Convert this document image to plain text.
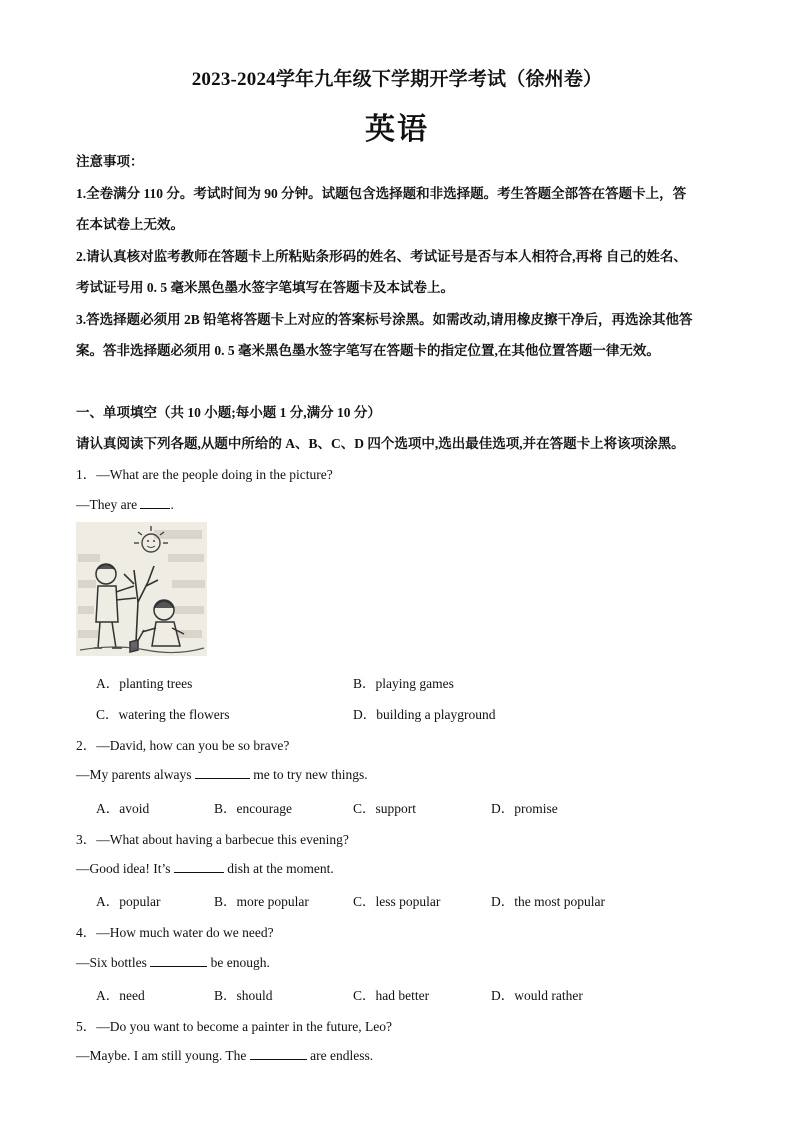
2023-2024学年九年级下学期开学考试（徐州卷）
英语
注意事项：
1.全卷满分 110 分。考试时间为 90 分钟。试题包含选择题和非选择题。考生答题全部答在答题卡上，答
在本试卷上无效。
2.请认真核对监考教师在答题卡上所粘贴条形码的姓名、考试证号是否与本人相符合,再将 自己的姓名、
考试证号用 0. 5 毫米黑色墨水签字笔填写在答题卡及本试卷上。
3.答选择题必须用 2B 铅笔将答题卡上对应的答案标号涂黑。如需改动,请用橡皮擦干净后，再选涂其他答
案。答非选择题必须用 0. 5 毫米黑色墨水签字笔写在答题卡的指定位置,在其他位置答题一律无效。
一、单项填空（共 10 小题;每小题 1 分,满分 10 分）
请认真阅读下列各题,从题中所给的 A、B、C、D 四个选项中,选出最佳选项,并在答题卡上将该项涂黑。
1．—What are the people doing in the picture?
—They are .
A．planting trees	B．playing games
C．watering the flowers	D．building a playground
2．—David, how can you be so brave?
—My parents always	me to try new things.
A．avoid	B．encourage	C．support	D．promise
3．—What about having a barbecue this evening?
—Good idea! It’s	dish at the moment.
A．popular	B．more popular	C．less popular	D．the most popular
4．—How much water do we need?
—Six bottles	be enough.
A．need	B．should	C．had better	D．would rather
5．—Do you want to become a painter in the future, Leo?
—Maybe. I am still young. The	are endless.
